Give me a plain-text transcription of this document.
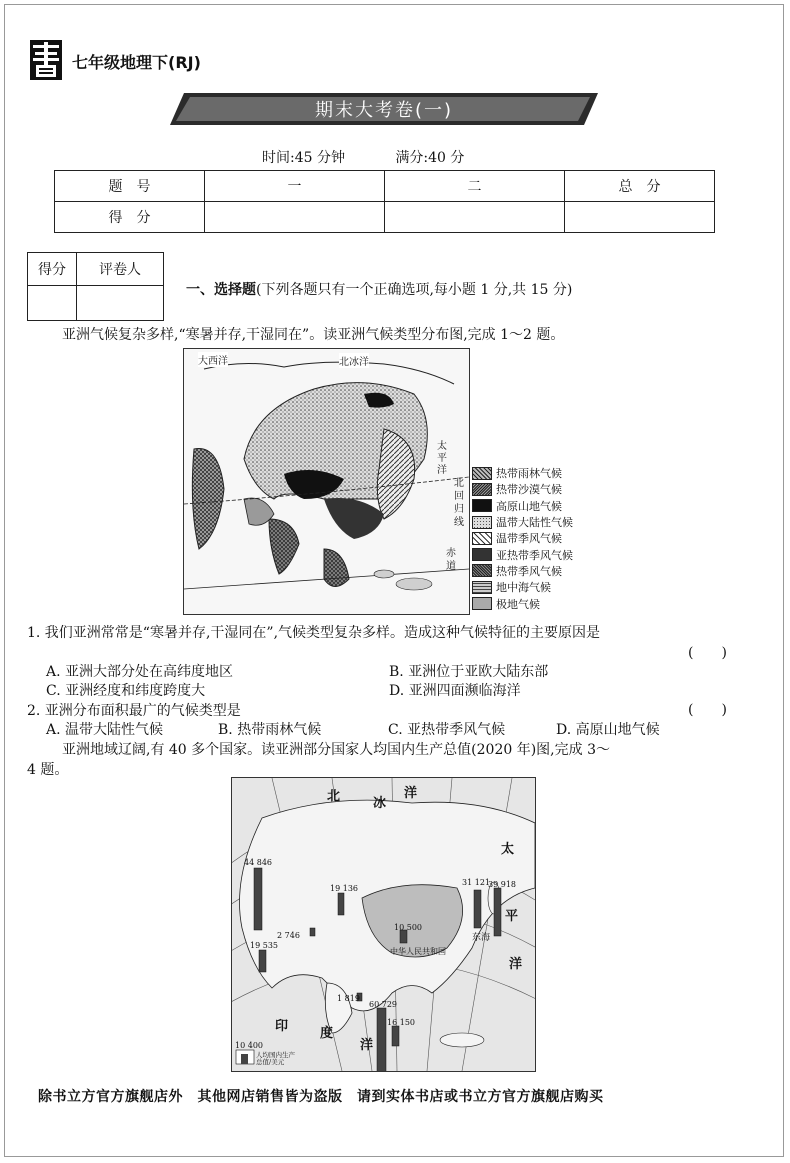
七年级地理下(RJ)
期末大考卷(一)
时间:45 分钟	满分:40 分
题　号	一	二	总　分
得　分			
得分	评卷人

一、选择题(下列各题只有一个正确选项,每小题 1 分,共 15 分)
亚洲气候复杂多样,“寒暑并存,干湿同在”。读亚洲气候类型分布图,完成 1～2 题。
大西洋	北冰洋
太平洋
北回归线
赤道
热带雨林气候
热带沙漠气候
高原山地气候
温带大陆性气候
温带季风气候
亚热带季风气候
热带季风气候
地中海气候
极地气候
1. 我们亚洲常常是“寒暑并存,干湿同在”,气候类型复杂多样。造成这种气候特征的主要原因是
(　　)
A. 亚洲大部分处在高纬度地区	B. 亚洲位于亚欧大陆东部
C. 亚洲经度和纬度跨度大	D. 亚洲四面濒临海洋
2. 亚洲分布面积最广的气候类型是	(　　)
A. 温带大陆性气候	B. 热带雨林气候	C. 亚热带季风气候	D. 高原山地气候
亚洲地域辽阔,有 40 多个国家。读亚洲部分国家人均国内生产总值(2020 年)图,完成 3～
4 题。
北	冰
洋
太
平
洋
印 度
洋
中华人民共和国
东海
44 846
31 121
39 918
19 136
2 746
19 535
10 500
60 729
1 819
16 150
10 400
人均国内生产总值/美元
除书立方官方旗舰店外　其他网店销售皆为盗版　请到实体书店或书立方官方旗舰店购买
